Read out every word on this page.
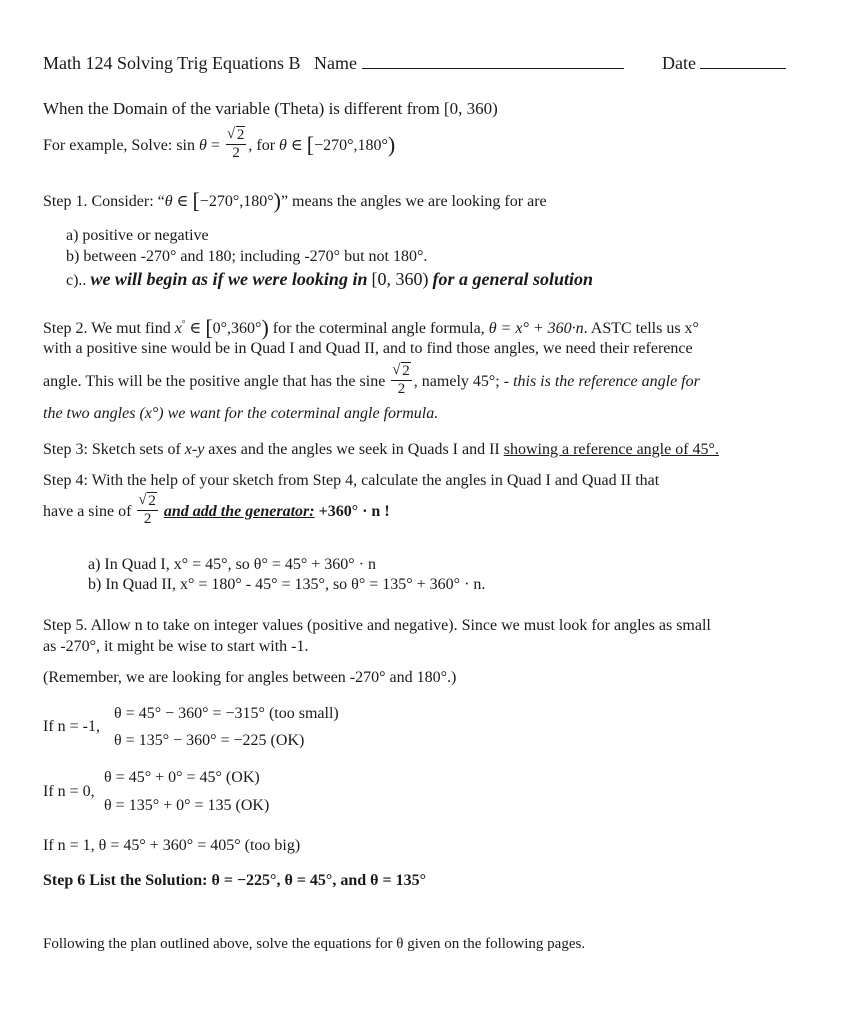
Math 124 Solving Trig Equations B Name	Date
When the Domain of the variable (Theta) is different from [0, 360)
For example, Solve: $\sin \theta = \frac{√ 2}{2}$ , for θ ∈ [−270°,180°)
Step 1. Consider: “θ ∈ [−270°,180°)” means the angles we are looking for are
a) positive or negative
b) between -270° and 180; including -270° but not 180°.
c).. we will begin as if we were looking in [0, 360) for a general solution
Step 2. We mut find x° ∈ [0°,360°) for the coterminal angle formula, θ = x° + 360·n. ASTC tells us x°
with a positive sine would be in Quad I and Quad II, and to find those angles, we need their reference
angle. This will be the positive angle that has the sine $\frac{√ 2}{2}$ , namely 45°; - this is the reference angle for
the two angles (x°) we want for the coterminal angle formula.
Step 3: Sketch sets of x-y axes and the angles we seek in Quads I and II showing a reference angle of 45°.
Step 4: With the help of your sketch from Step 4, calculate the angles in Quad I and Quad II that
have a sine of $\frac{√ 2}{2}$ and add the generator: +360° · n !
a) In Quad I, x° = 45°, so θ° = 45° + 360° · n
b) In Quad II, x° = 180° - 45° = 135°, so θ° = 135° + 360° · n.
Step 5. Allow n to take on integer values (positive and negative). Since we must look for angles as small
as -270°, it might be wise to start with -1.
(Remember, we are looking for angles between -270° and 180°.)
If n = -1,
θ = 45° − 360° = −315° (too small)
θ = 135° − 360° = −225 (OK)
If n = 0,
θ = 45° + 0° = 45° (OK)
θ = 135° + 0° = 135 (OK)
If n = 1, θ = 45° + 360° = 405° (too big)
Step 6 List the Solution: θ = −225°, θ = 45°, and θ = 135°
Following the plan outlined above, solve the equations for θ given on the following pages.
